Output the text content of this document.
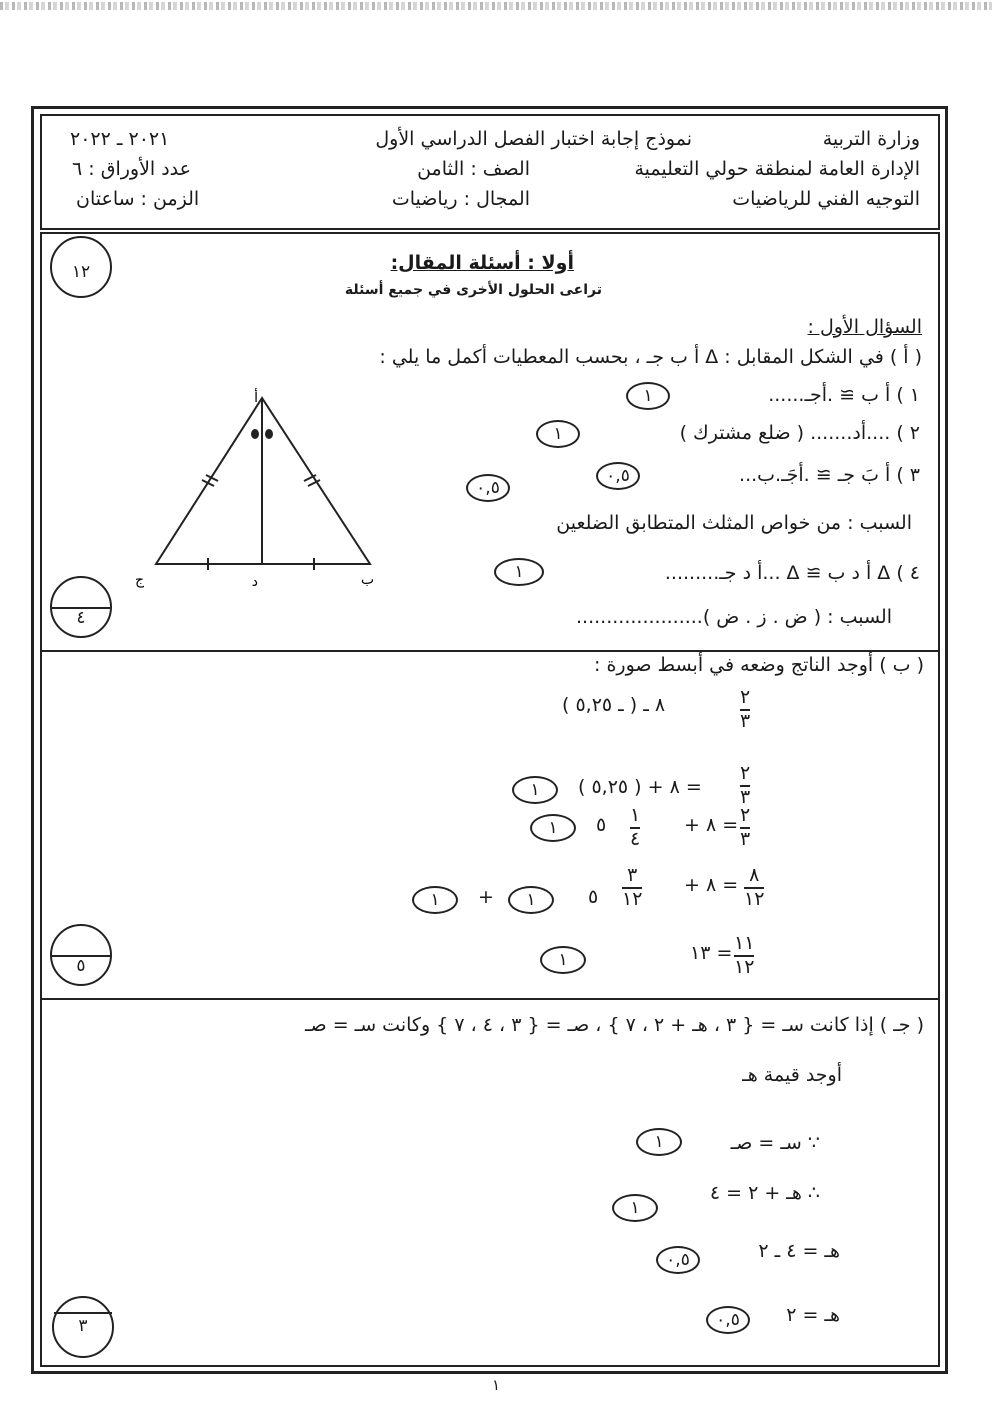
وزارة التربية
نموذج إجابة اختبار الفصل الدراسي الأول
٢٠٢١ ـ ٢٠٢٢
الإدارة العامة لمنطقة حولي التعليمية
الصف : الثامن
عدد الأوراق : ٦
التوجيه الفني للرياضيات
المجال : رياضيات
الزمن : ساعتان
١٢	أولا : أسئلة المقال:
تراعى الحلول الأخرى في جميع أسئلة
السؤال الأول :
( أ ) في الشكل المقابل : Δ أ ب جـ ، بحسب المعطيات أكمل ما يلي :
١ ) أ ب ≅ .أجـ......
١
٢ ) ....أد....... ( ضلع مشترك )
١
٣ ) أ بَ جـ ≅ .أجَـ.ب...
٠,٥
٠,٥
السبب : من خواص المثلث المتطابق الضلعين
٤ ) Δ أ د ب ≅ Δ ...أ د جـ.........
١
السبب : ( ض . ز . ض ).....................
٤
أ
د	ب
ج
( ب ) أوجد الناتج وضعه في أبسط صورة :
٢
٣
٨ ـ ( ـ ٥,٢٥ )
٢
٣
= ٨ + ( ٥,٢٥ )
١
٢
٣
= ٨ +
١
٤
٥
١
٨
١٢
= ٨ +
٣
١٢
٥
١
+
١
١١
١٢
= ١٣
١
٥
( جـ ) إذا كانت سـ = { ٣ ، هـ + ٢ ، ٧ } ، صـ = { ٣ ، ٤ ، ٧ } وكانت سـ = صـ
أوجد قيمة هـ
∵ سـ = صـ
١
∴ هـ + ٢ = ٤
١
هـ = ٤ ـ ٢
٠,٥
هـ = ٢
٠,٥
٣
١
